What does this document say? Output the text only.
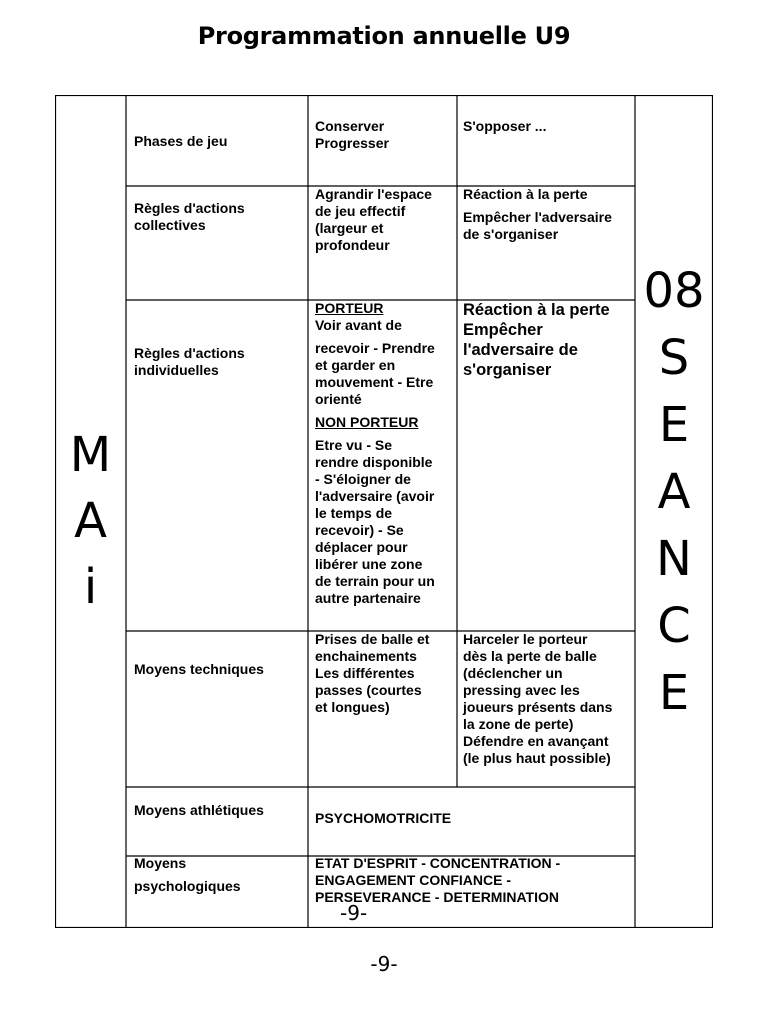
Programmation annuelle U9
M
A
i
08
S
E
A
N
C
E
Phases de jeu
Conserver
Progresser
S'opposer ...
Règles d'actions
collectives
Agrandir l'espace
de jeu effectif
(largeur et
profondeur
Réaction à la perte
Empêcher l'adversaire
de s'organiser
Règles d'actions
individuelles
PORTEUR
Voir avant de
recevoir - Prendre
et garder en
mouvement - Etre
orienté
NON PORTEUR
Etre vu - Se
rendre disponible
- S'éloigner de
l'adversaire (avoir
le temps de
recevoir) - Se
déplacer pour
libérer une zone
de terrain pour un
autre partenaire
Réaction à la perte
Empêcher
l'adversaire de
s'organiser
Moyens techniques
Prises de balle et
enchainements
Les différentes
passes (courtes
et longues)
Harceler le porteur
dès la perte de balle
(déclencher un
pressing avec les
joueurs présents dans
la zone de perte)
Défendre en avançant
(le plus haut possible)
Moyens athlétiques	PSYCHOMOTRICITE
Moyens
psychologiques
ETAT D'ESPRIT - CONCENTRATION -
ENGAGEMENT CONFIANCE -
PERSEVERANCE - DETERMINATION
-9-
-9-
